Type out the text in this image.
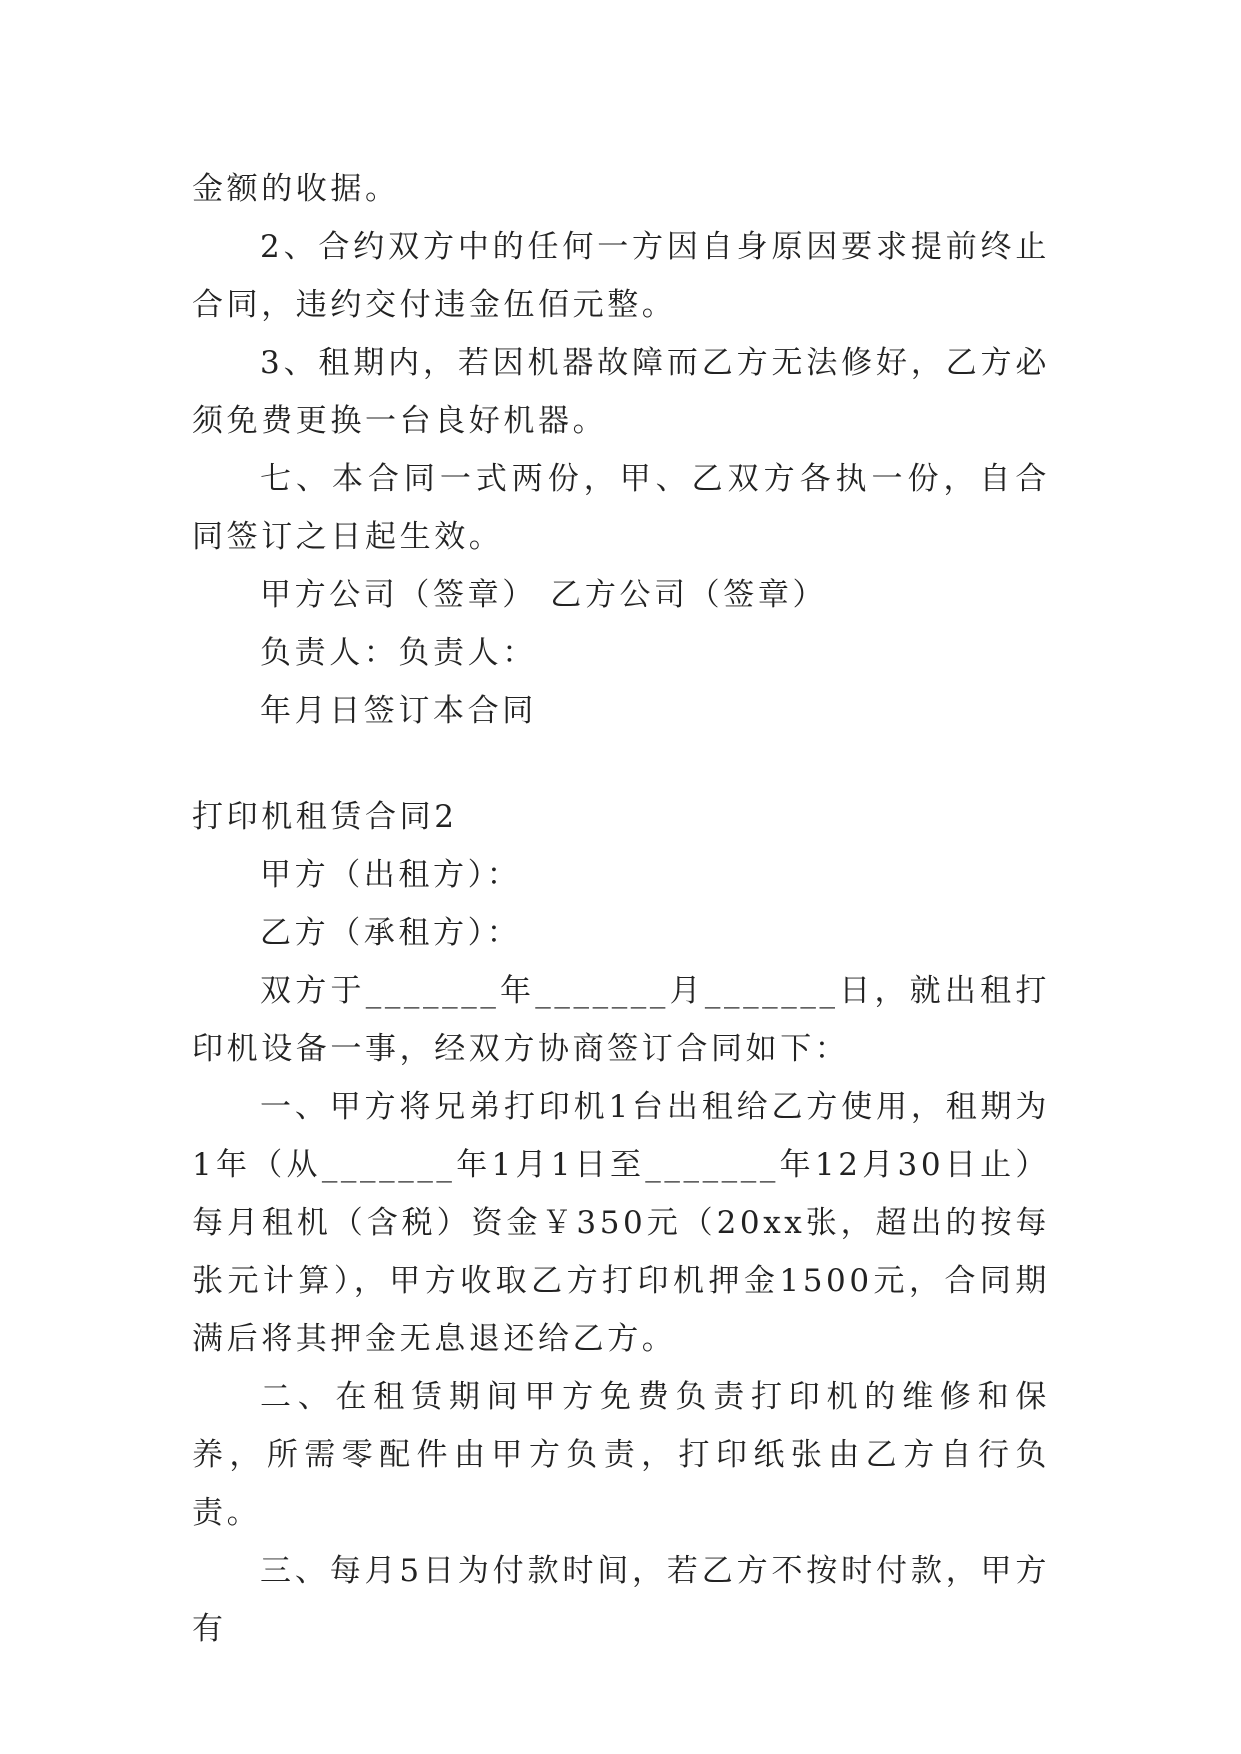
金额的收据。

2、合约双方中的任何一方因自身原因要求提前终止合同，违约交付违金伍佰元整。

3、租期内，若因机器故障而乙方无法修好，乙方必须免费更换一台良好机器。

七、本合同一式两份，甲、乙双方各执一份，自合同签订之日起生效。

甲方公司（签章） 乙方公司（签章）

负责人：负责人：

年月日签订本合同

打印机租赁合同2

甲方（出租方）：

乙方（承租方）：

双方于_______年_______月_______日，就出租打印机设备一事，经双方协商签订合同如下：

一、甲方将兄弟打印机1台出租给乙方使用，租期为1年（从_______年1月1日至_______年12月30日止）每月租机（含税）资金￥350元（20xx张，超出的按每张元计算），甲方收取乙方打印机押金1500元，合同期满后将其押金无息退还给乙方。

二、在租赁期间甲方免费负责打印机的维修和保养，所需零配件由甲方负责，打印纸张由乙方自行负责。

三、每月5日为付款时间，若乙方不按时付款，甲方有
